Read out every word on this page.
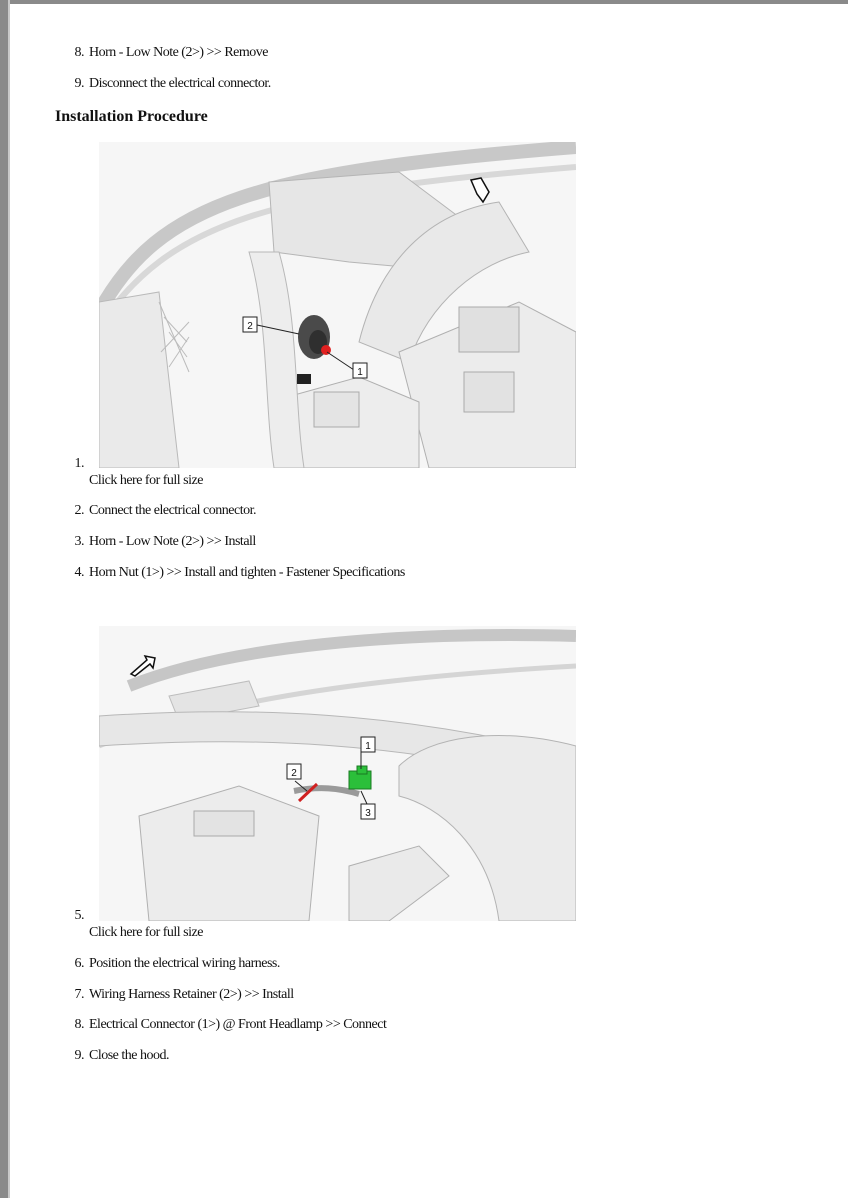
8. Horn - Low Note (2>) >> Remove
9. Disconnect the electrical connector.
Installation Procedure
2
1
1.
Click here for full size
2. Connect the electrical connector.
3. Horn - Low Note (2>) >> Install
4. Horn Nut (1>) >> Install and tighten - Fastener Specifications
1
2
3
5.
Click here for full size
6. Position the electrical wiring harness.
7. Wiring Harness Retainer (2>) >> Install
8. Electrical Connector (1>) @ Front Headlamp >> Connect
9. Close the hood.
